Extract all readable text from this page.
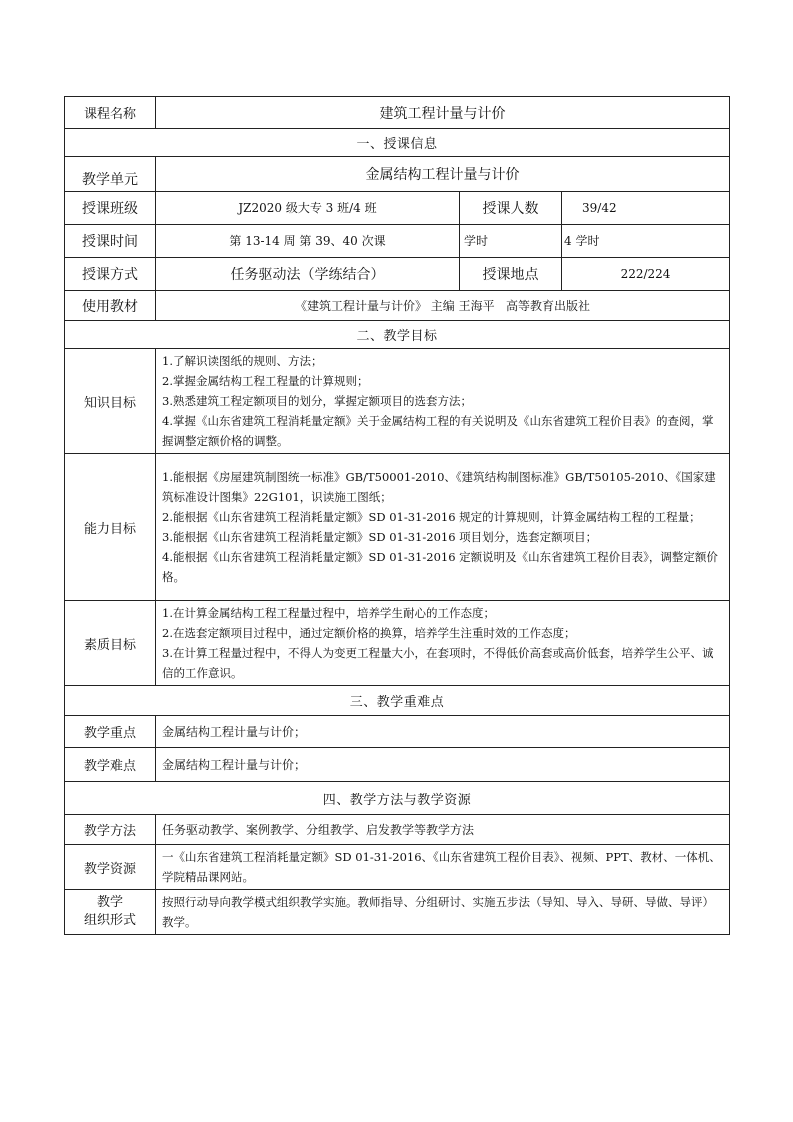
课程名称	建筑工程计量与计价		
一、授课信息			
教学单元	金属结构工程计量与计价		
授课班级	JZ2020 级大专 3 班/4 班	授课人数	39/42
授课时间	第 13-14 周 第 39、40 次课	学时	4 学时
授课方式	任务驱动法（学练结合）	授课地点	222/224
使用教材	《建筑工程计量与计价》 主编 王海平   高等教育出版社		
二、教学目标			
知识目标	1.了解识读图纸的规则、方法；
2.掌握金属结构工程工程量的计算规则；
3.熟悉建筑工程定额项目的划分，掌握定额项目的选套方法；
4.掌握《山东省建筑工程消耗量定额》关于金属结构工程的有关说明及《山东省建筑工程价目表》的查阅，掌握调整定额价格的调整。		

能力目标	1.能根据《房屋建筑制图统一标准》GB/T50001-2010、《建筑结构制图标准》GB/T50105-2010、《国家建筑标准设计图集》22G101，识读施工图纸；
2.能根据《山东省建筑工程消耗量定额》SD 01-31-2016 规定的计算规则，计算金属结构工程的工程量；
3.能根据《山东省建筑工程消耗量定额》SD 01-31-2016 项目划分，选套定额项目；
4.能根据《山东省建筑工程消耗量定额》SD 01-31-2016 定额说明及《山东省建筑工程价目表》，调整定额价格。		

素质目标	1.在计算金属结构工程工程量过程中，培养学生耐心的工作态度；
2.在选套定额项目过程中，通过定额价格的换算，培养学生注重时效的工作态度；
3.在计算工程量过程中，不得人为变更工程量大小，在套项时，不得低价高套或高价低套，培养学生公平、诚信的工作意识。		

三、教学重难点			
教学重点	金属结构工程计量与计价；		
教学难点	金属结构工程计量与计价；		
四、教学方法与教学资源			
教学方法	任务驱动教学、案例教学、分组教学、启发教学等教学方法		
教学资源	一《山东省建筑工程消耗量定额》SD 01-31-2016、《山东省建筑工程价目表》、视频、PPT、教材、一体机、学院精品课网站。		

教学
组织形式	按照行动导向教学模式组织教学实施。教师指导、分组研讨、实施五步法（导知、导入、导研、导做、导评）教学。		
